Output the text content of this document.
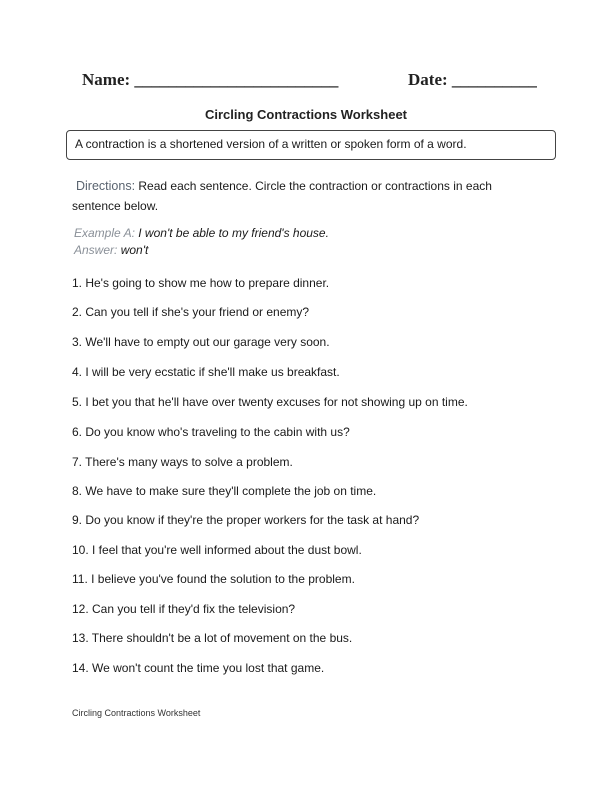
Name: ________________________	Date: __________
Circling Contractions Worksheet
A contraction is a shortened version of a written or spoken form of a word.
Directions: Read each sentence. Circle the contraction or contractions in each sentence below.
Example A: I won't be able to my friend's house.
Answer: won't
1. He's going to show me how to prepare dinner.
2. Can you tell if she's your friend or enemy?
3. We'll have to empty out our garage very soon.
4. I will be very ecstatic if she'll make us breakfast.
5. I bet you that he'll have over twenty excuses for not showing up on time.
6. Do you know who's traveling to the cabin with us?
7. There's many ways to solve a problem.
8. We have to make sure they'll complete the job on time.
9. Do you know if they're the proper workers for the task at hand?
10. I feel that you're well informed about the dust bowl.
11. I believe you've found the solution to the problem.
12. Can you tell if they'd fix the television?
13. There shouldn't be a lot of movement on the bus.
14. We won't count the time you lost that game.
Circling Contractions Worksheet
